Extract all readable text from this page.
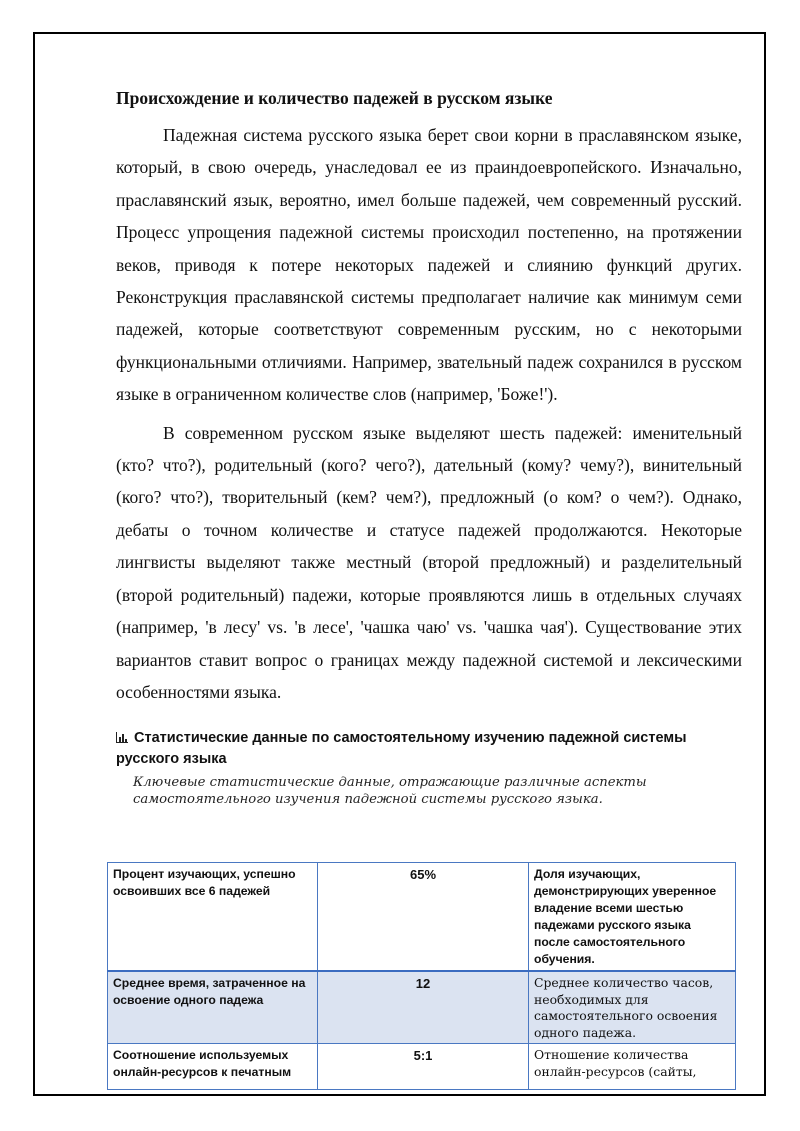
Происхождение и количество падежей в русском языке

Падежная система русского языка берет свои корни в праславянском языке, который, в свою очередь, унаследовал ее из праиндоевропейского. Изначально, праславянский язык, вероятно, имел больше падежей, чем современный русский. Процесс упрощения падежной системы происходил постепенно, на протяжении веков, приводя к потере некоторых падежей и слиянию функций других. Реконструкция праславянской системы предполагает наличие как минимум семи падежей, которые соответствуют современным русским, но с некоторыми функциональными отличиями. Например, звательный падеж сохранился в русском языке в ограниченном количестве слов (например, 'Боже!').

В современном русском языке выделяют шесть падежей: именительный (кто? что?), родительный (кого? чего?), дательный (кому? чему?), винительный (кого? что?), творительный (кем? чем?), предложный (о ком? о чем?). Однако, дебаты о точном количестве и статусе падежей продолжаются. Некоторые лингвисты выделяют также местный (второй предложный) и разделительный (второй родительный) падежи, которые проявляются лишь в отдельных случаях (например, 'в лесу' vs. 'в лесе', 'чашка чаю' vs. 'чашка чая'). Существование этих вариантов ставит вопрос о границах между падежной системой и лексическими особенностями языка.

Статистические данные по самостоятельному изучению падежной системы русского языка
Ключевые статистические данные, отражающие различные аспекты самостоятельного изучения падежной системы русского языка.
Процент изучающих, успешно освоивших все 6 падежей	65%	Доля изучающих, демонстрирующих уверенное владение всеми шестью падежами русского языка после самостоятельного обучения.
Среднее время, затраченное на освоение одного падежа	12	Среднее количество часов, необходимых для самостоятельного освоения одного падежа.
Соотношение используемых онлайн-ресурсов к печатным	5:1	Отношение количества онлайн-ресурсов (сайты,
